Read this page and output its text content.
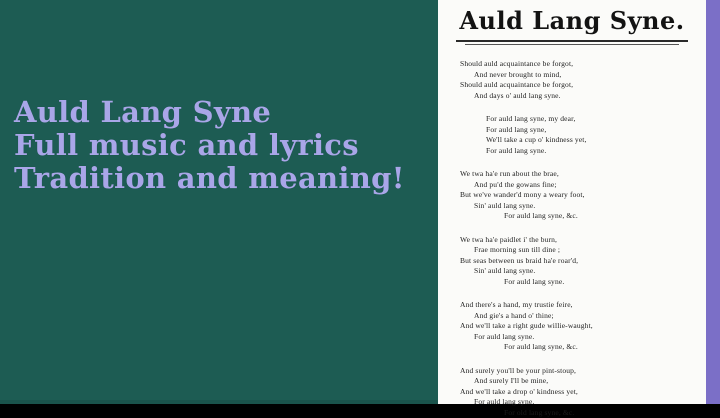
Auld Lang Syne
Full music and lyrics
Tradition and meaning!
Auld Lang Syne.
Should auld acquaintance be forgot,
And never brought to mind,
Should auld acquaintance be forgot,
And days o' auld lang syne.
For auld lang syne, my dear,
For auld lang syne,
We'll take a cup o' kindness yet,
For auld lang syne.
We twa ha'e run about the brae,
And pu'd the gowans fine;
But we've wander'd mony a weary foot,
Sin' auld lang syne.
For auld lang syne, &c.
We twa ha'e paidlet i' the burn,
Frae morning sun till dine ;
But seas between us braid ha'e roar'd,
Sin' auld lang syne.
For auld lang syne.
And there's a hand, my trustie feire,
And gie's a hand o' thine;
And we'll take a right gude willie-waught,
For auld lang syne.
For auld lang syne, &c.
And surely you'll be your pint-stoup,
And surely I'll be mine,
And we'll take a drop o' kindness yet,
For auld lang syne.
For old lang syne, &c.
